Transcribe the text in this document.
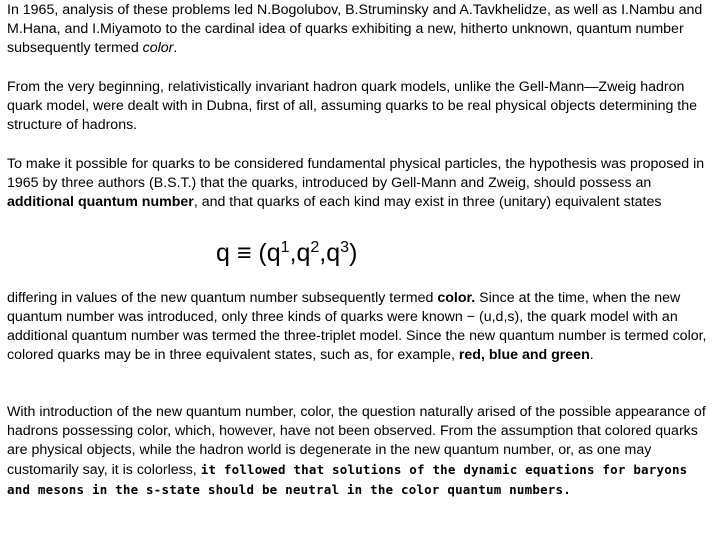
In 1965, analysis of these problems led N.Bogolubov, B.Struminsky and A.Tavkhelidze, as well as I.Nambu and M.Hana, and I.Miyamoto to the cardinal idea of quarks exhibiting a new, hitherto unknown, quantum number subsequently termed color.

From the very beginning, relativistically invariant hadron quark models, unlike the Gell-Mann—Zweig hadron quark model, were dealt with in Dubna, first of all, assuming quarks to be real physical objects determining the structure of hadrons.

To make it possible for quarks to be considered fundamental physical particles, the hypothesis was proposed in 1965 by three authors (B.S.T.) that the quarks, introduced by Gell-Mann and Zweig, should possess an additional quantum number, and that quarks of each kind may exist in three (unitary) equivalent states

$q \equiv (q^1,q^2,q^3)$

differing in values of the new quantum number subsequently termed color. Since at the time, when the new quantum number was introduced, only three kinds of quarks were known − (u,d,s), the quark model with an additional quantum number was termed the three-triplet model. Since the new quantum number is termed color, colored quarks may be in three equivalent states, such as, for example, red, blue and green.

With introduction of the new quantum number, color, the question naturally arised of the possible appearance of hadrons possessing color, which, however, have not been observed. From the assumption that colored quarks are physical objects, while the hadron world is degenerate in the new quantum number, or, as one may customarily say, it is colorless, it followed that solutions of the dynamic equations for baryons and mesons in the s-state should be neutral in the color quantum numbers.
